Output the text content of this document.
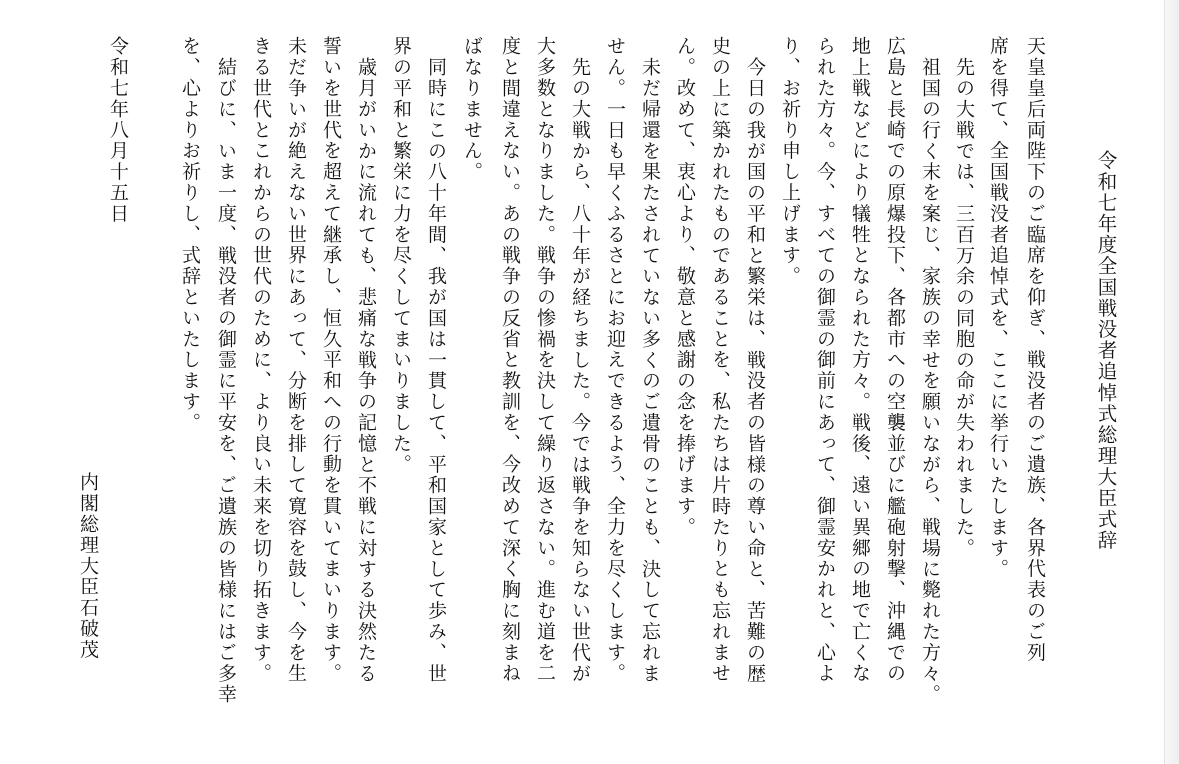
令和七年度全国戦没者追悼式総理大臣式辞
天皇皇后両陛下のご臨席を仰ぎ、戦没者のご遺族、各界代表のご列
席を得て、全国戦没者追悼式を、ここに挙行いたします。
先の大戦では、三百万余の同胞の命が失われました。
祖国の行く末を案じ、家族の幸せを願いながら、戦場に斃れた方々。
広島と長崎での原爆投下、各都市への空襲並びに艦砲射撃、沖縄での
地上戦などにより犠牲となられた方々。戦後、遠い異郷の地で亡くな
られた方々。今、すべての御霊の御前にあって、御霊安かれと、心よ
り、お祈り申し上げます。
今日の我が国の平和と繁栄は、戦没者の皆様の尊い命と、苦難の歴
史の上に築かれたものであることを、私たちは片時たりとも忘れませ
ん。改めて、衷心より、敬意と感謝の念を捧げます。
未だ帰還を果たされていない多くのご遺骨のことも、決して忘れま
せん。一日も早くふるさとにお迎えできるよう、全力を尽くします。
先の大戦から、八十年が経ちました。今では戦争を知らない世代が
大多数となりました。戦争の惨禍を決して繰り返さない。進む道を二
度と間違えない。あの戦争の反省と教訓を、今改めて深く胸に刻まね
ばなりません。
同時にこの八十年間、我が国は一貫して、平和国家として歩み、世
界の平和と繁栄に力を尽くしてまいりました。
歳月がいかに流れても、悲痛な戦争の記憶と不戦に対する決然たる
誓いを世代を超えて継承し、恒久平和への行動を貫いてまいります。
未だ争いが絶えない世界にあって、分断を排して寛容を鼓し、今を生
きる世代とこれからの世代のために、より良い未来を切り拓きます。
結びに、いま一度、戦没者の御霊に平安を、ご遺族の皆様にはご多幸
を、心よりお祈りし、式辞といたします。
令和七年八月十五日
内閣総理大臣石破茂
